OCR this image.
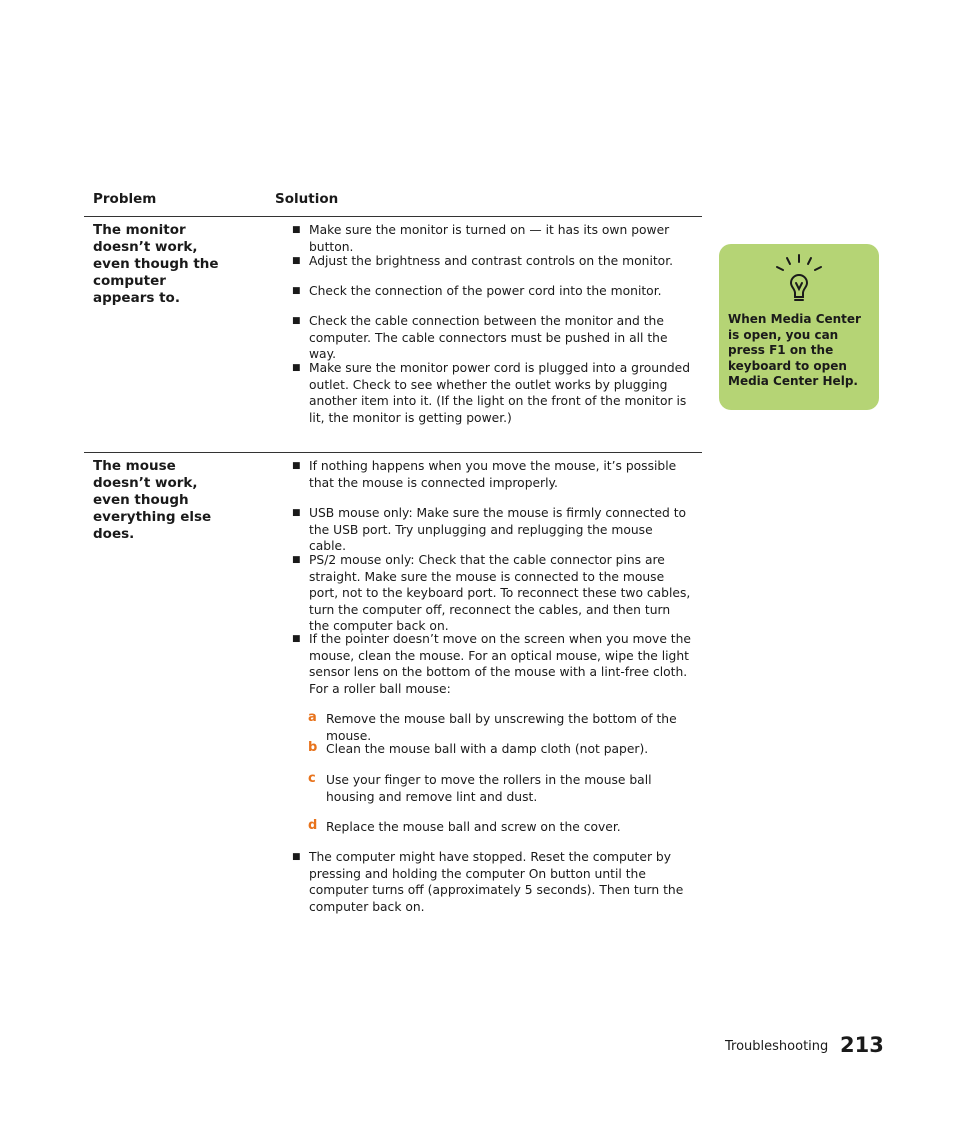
Problem	Solution
The monitor doesn’t work, even though the computer appears to.
■ Make sure the monitor is turned on — it has its own power button.
■ Adjust the brightness and contrast controls on the monitor.
■ Check the connection of the power cord into the monitor.
■ Check the cable connection between the monitor and the computer. The cable connectors must be pushed in all the way.
■ Make sure the monitor power cord is plugged into a grounded outlet. Check to see whether the outlet works by plugging another item into it. (If the light on the front of the monitor is lit, the monitor is getting power.)
The mouse doesn’t work, even though everything else does.
■ If nothing happens when you move the mouse, it’s possible that the mouse is connected improperly.
■ USB mouse only: Make sure the mouse is firmly connected to the USB port. Try unplugging and replugging the mouse cable.
■ PS/2 mouse only: Check that the cable connector pins are straight. Make sure the mouse is connected to the mouse port, not to the keyboard port. To reconnect these two cables, turn the computer off, reconnect the cables, and then turn the computer back on.
■ If the pointer doesn’t move on the screen when you move the mouse, clean the mouse. For an optical mouse, wipe the light sensor lens on the bottom of the mouse with a lint-free cloth. For a roller ball mouse:
a Remove the mouse ball by unscrewing the bottom of the mouse.
b Clean the mouse ball with a damp cloth (not paper).
c Use your finger to move the rollers in the mouse ball housing and remove lint and dust.
d Replace the mouse ball and screw on the cover.
■ The computer might have stopped. Reset the computer by pressing and holding the computer On button until the computer turns off (approximately 5 seconds). Then turn the computer back on.
When Media Center is open, you can press F1 on the keyboard to open Media Center Help.
Troubleshooting 213
